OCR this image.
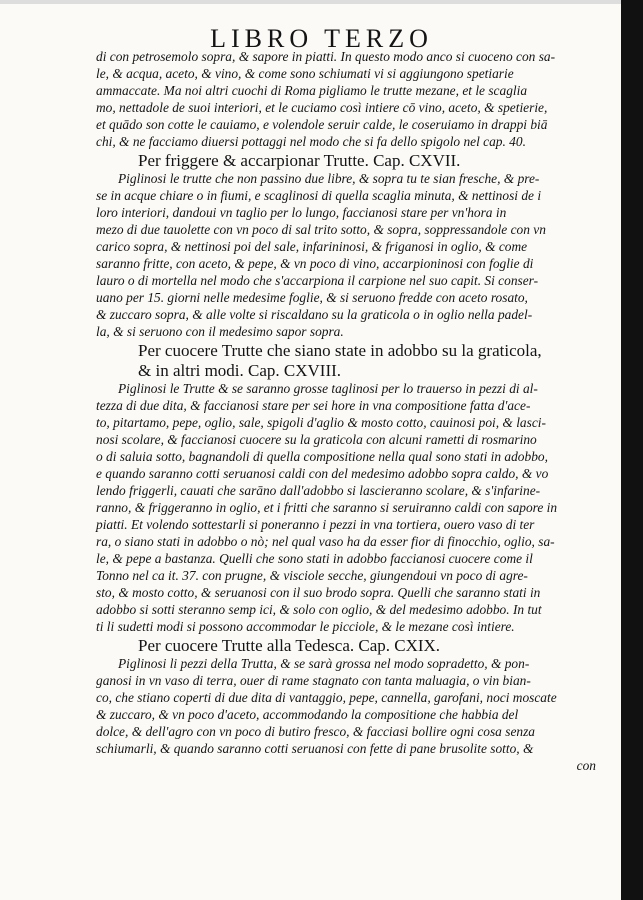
LIBRO TERZO
di con petrosemolo sopra, & sapore in piatti. In questo modo anco si cuoceno con sa-
le, & acqua, aceto, & vino, & come sono schiumati vi si aggiungono spetiarie
ammaccate. Ma noi altri cuochi di Roma pigliamo le trutte mezane, et le scaglia
mo, nettadole de suoi interiori, et le cuciamo così intiere cō vino, aceto, & spetierie,
et quādo son cotte le cauiamo, e volendole seruir calde, le coseruiamo in drappi biā
chi, & ne facciamo diuersi pottaggi nel modo che si fa dello spigolo nel cap. 40.
Per friggere & accarpionar Trutte. Cap. CXVII.
Piglinosi le trutte che non passino due libre, & sopra tu te sian fresche, & pre-
se in acque chiare o in fiumi, e scaglinosi di quella scaglia minuta, & nettinosi de i
loro interiori, dandoui vn taglio per lo lungo, faccianosi stare per vn'hora in
mezo di due tauolette con vn poco di sal trito sotto, & sopra, soppressandole con vn
carico sopra, & nettinosi poi del sale, infarininosi, & friganosi in oglio, & come
saranno fritte, con aceto, & pepe, & vn poco di vino, accarpioninosi con foglie di
lauro o di mortella nel modo che s'accarpiona il carpione nel suo capit. Si conser-
uano per 15. giorni nelle medesime foglie, & si seruono fredde con aceto rosato,
& zuccaro sopra, & alle volte si riscaldano su la graticola o in oglio nella padel-
la, & si seruono con il medesimo sapor sopra.
Per cuocere Trutte che siano state in adobbo su la graticola,
& in altri modi. Cap. CXVIII.
Piglinosi le Trutte & se saranno grosse taglinosi per lo trauerso in pezzi di al-
tezza di due dita, & faccianosi stare per sei hore in vna compositione fatta d'ace-
to, pitartamo, pepe, oglio, sale, spigoli d'aglio & mosto cotto, cauinosi poi, & lasci-
nosi scolare, & faccianosi cuocere su la graticola con alcuni rametti di rosmarino
o di saluia sotto, bagnandoli di quella compositione nella qual sono stati in adobbo,
e quando saranno cotti seruanosi caldi con del medesimo adobbo sopra caldo, & vo
lendo friggerli, cauati che sarāno dall'adobbo si lascieranno scolare, & s'infarine-
ranno, & friggeranno in oglio, et i fritti che saranno si seruiranno caldi con sapore in
piatti. Et volendo sottestarli si poneranno i pezzi in vna tortiera, ouero vaso di ter
ra, o siano stati in adobbo o nò; nel qual vaso ha da esser fior di finocchio, oglio, sa-
le, & pepe a bastanza. Quelli che sono stati in adobbo faccianosi cuocere come il
Tonno nel ca it. 37. con prugne, & visciole secche, giungendoui vn poco di agre-
sto, & mosto cotto, & seruanosi con il suo brodo sopra. Quelli che saranno stati in
adobbo si sotti steranno semp ici, & solo con oglio, & del medesimo adobbo. In tut
ti li sudetti modi si possono accommodar le picciole, & le mezane così intiere.
Per cuocere Trutte alla Tedesca. Cap. CXIX.
Piglinosi li pezzi della Trutta, & se sarà grossa nel modo sopradetto, & pon-
ganosi in vn vaso di terra, ouer di rame stagnato con tanta maluagia, o vin bian-
co, che stiano coperti di due dita di vantaggio, pepe, cannella, garofani, noci moscate
& zuccaro, & vn poco d'aceto, accommodando la compositione che habbia del
dolce, & dell'agro con vn poco di butiro fresco, & facciasi bollire ogni cosa senza
schiumarli, & quando saranno cotti seruanosi con fette di pane brusolite sotto, &
con
